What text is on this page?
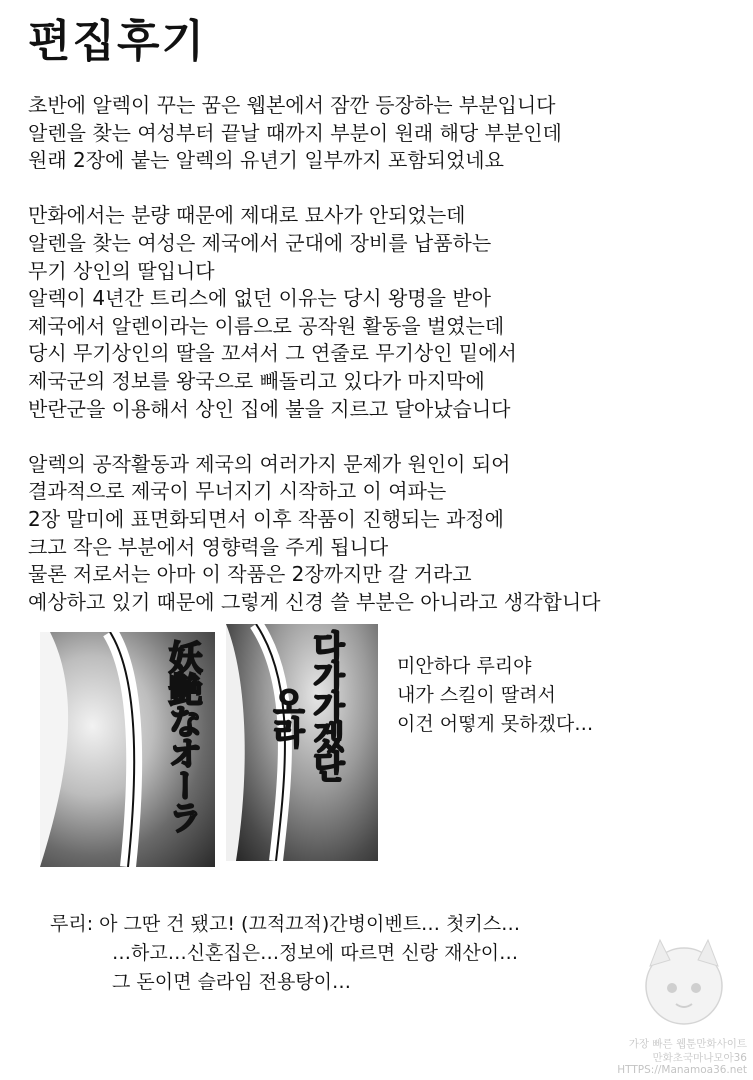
편집후기

초반에 알렉이 꾸는 꿈은 웹본에서 잠깐 등장하는 부분입니다
알렌을 찾는 여성부터 끝날 때까지 부분이 원래 해당 부분인데
원래 2장에 붙는 알렉의 유년기 일부까지 포함되었네요

만화에서는 분량 때문에 제대로 묘사가 안되었는데
알렌을 찾는 여성은 제국에서 군대에 장비를 납품하는
무기 상인의 딸입니다
알렉이 4년간 트리스에 없던 이유는 당시 왕명을 받아
제국에서 알렌이라는 이름으로 공작원 활동을 벌였는데
당시 무기상인의 딸을 꼬셔서 그 연줄로 무기상인 밑에서
제국군의 정보를 왕국으로 빼돌리고 있다가 마지막에
반란군을 이용해서 상인 집에 불을 지르고 달아났습니다

알렉의 공작활동과 제국의 여러가지 문제가 원인이 되어
결과적으로 제국이 무너지기 시작하고 이 여파는
2장 말미에 표면화되면서 이후 작품이 진행되는 과정에
크고 작은 부분에서 영향력을 주게 됩니다
물론 저로서는 아마 이 작품은 2장까지만 갈 거라고
예상하고 있기 때문에 그렇게 신경 쓸 부분은 아니라고 생각합니다

妖艶なオーラ	다가가겠단
오라
미안하다 루리야
내가 스킬이 딸려서
이건 어떻게 못하겠다…
루리: 아 그딴 건 됐고! (끄적끄적)간병이벤트… 첫키스…
…하고…신혼집은…정보에 따르면 신랑 재산이…
그 돈이면 슬라임 전용탕이…
가장 빠른 웹툰만화사이트
만화초국마나모아36
HTTPS://Manamoa36.net
